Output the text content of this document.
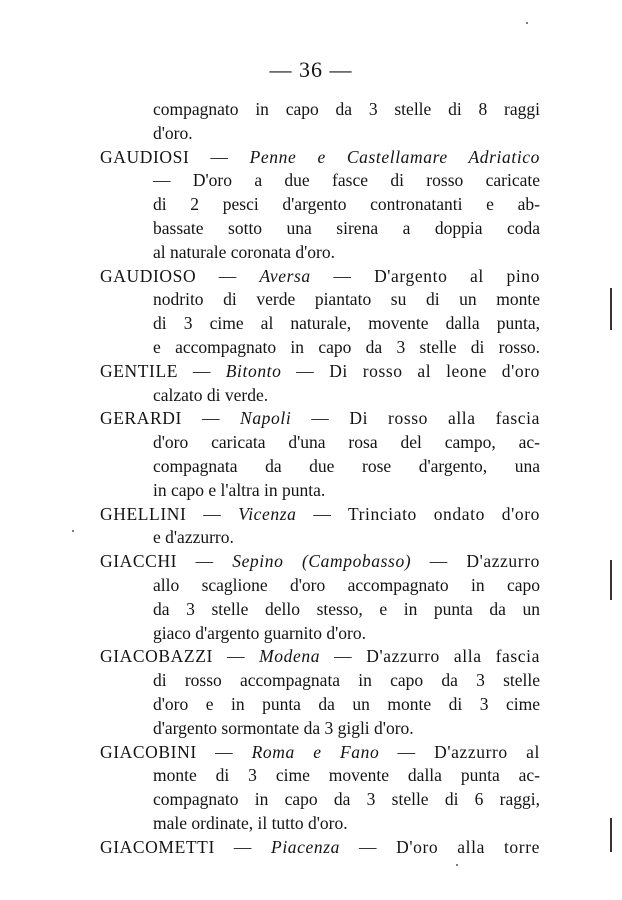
— 36 —
compagnato in capo da 3 stelle di 8 raggi
d'oro.
GAUDIOSI — Penne e Castellamare Adriatico
— D'oro a due fasce di rosso caricate
di 2 pesci d'argento contronatanti e ab-
bassate sotto una sirena a doppia coda
al naturale coronata d'oro.
GAUDIOSO — Aversa — D'argento al pino
nodrito di verde piantato su di un monte
di 3 cime al naturale, movente dalla punta,
e accompagnato in capo da 3 stelle di rosso.
GENTILE — Bitonto — Di rosso al leone d'oro
calzato di verde.
GERARDI — Napoli — Di rosso alla fascia
d'oro caricata d'una rosa del campo, ac-
compagnata da due rose d'argento, una
in capo e l'altra in punta.
GHELLINI — Vicenza — Trinciato ondato d'oro
e d'azzurro.
GIACCHI — Sepino (Campobasso) — D'azzurro
allo scaglione d'oro accompagnato in capo
da 3 stelle dello stesso, e in punta da un
giaco d'argento guarnito d'oro.
GIACOBAZZI — Modena — D'azzurro alla fascia
di rosso accompagnata in capo da 3 stelle
d'oro e in punta da un monte di 3 cime
d'argento sormontate da 3 gigli d'oro.
GIACOBINI — Roma e Fano — D'azzurro al
monte di 3 cime movente dalla punta ac-
compagnato in capo da 3 stelle di 6 raggi,
male ordinate, il tutto d'oro.
GIACOMETTI — Piacenza — D'oro alla torre
